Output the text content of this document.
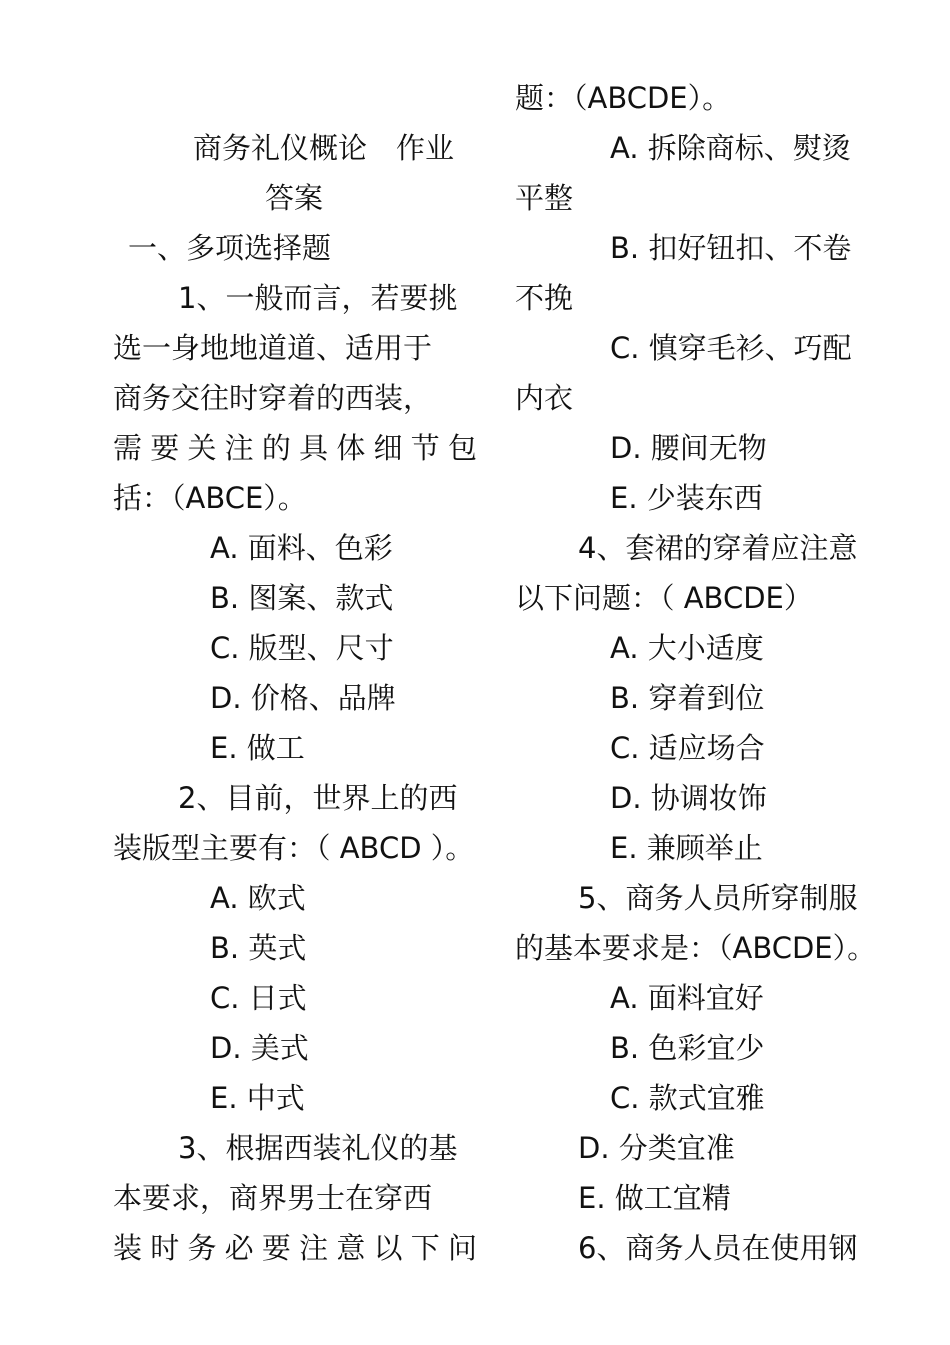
商务礼仪概论　作业
答案
一、多项选择题
1、一般而言，若要挑
选一身地地道道、适用于
商务交往时穿着的西装，
需要关注的具体细节包
括：（ABCE）。
A. 面料、色彩
B. 图案、款式
C. 版型、尺寸
D. 价格、品牌
E. 做工
2、目前，世界上的西
装版型主要有：（ ABCD ）。
A. 欧式
B. 英式
C. 日式
D. 美式
E. 中式
3、根据西装礼仪的基
本要求，商界男士在穿西
装时务必要注意以下问
题：（ABCDE）。
A. 拆除商标、熨烫
平整
B. 扣好钮扣、不卷
不挽
C. 慎穿毛衫、巧配
内衣
D. 腰间无物
E. 少装东西
4、套裙的穿着应注意
以下问题：（ ABCDE）
A. 大小适度
B. 穿着到位
C. 适应场合
D. 协调妆饰
E. 兼顾举止
5、商务人员所穿制服
的基本要求是：（ABCDE）。
A. 面料宜好
B. 色彩宜少
C. 款式宜雅
D. 分类宜准
E. 做工宜精
6、商务人员在使用钢
